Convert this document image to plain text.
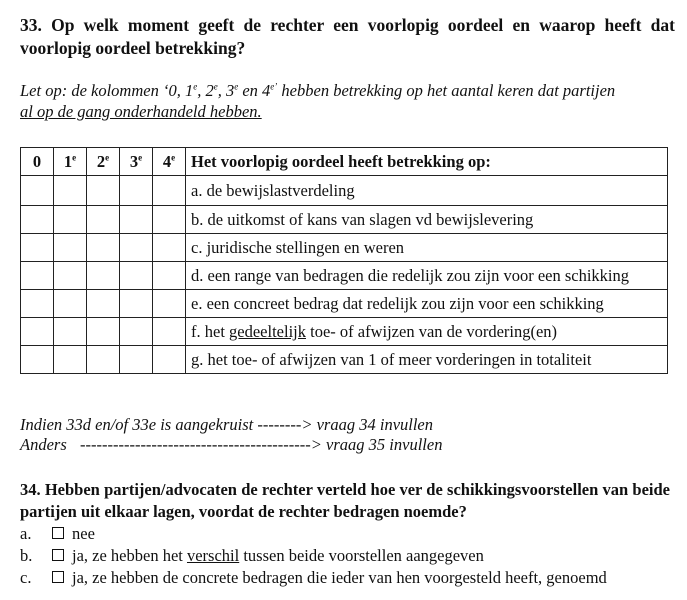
33. Op welk moment geeft de rechter een voorlopig oordeel en waarop heeft dat voorlopig oordeel betrekking?

Let op: de kolommen ‘0, 1e, 2e, 3e en $4^{e’}$ hebben betrekking op het aantal keren dat partijen
al op de gang onderhandeld hebben.

0	1e	2e	3e	4e	Het voorlopig oordeel heeft betrekking op:
					a. de bewijslastverdeling
					b. de uitkomst of kans van slagen vd bewijslevering
					c. juridische stellingen en weren
					d. een range van bedragen die redelijk zou zijn voor een schikking
					e. een concreet bedrag dat redelijk zou zijn voor een schikking
					f. het gedeeltelijk toe- of afwijzen van de vordering(en)
					g. het toe- of afwijzen van 1 of meer vorderingen in totaliteit
Indien 33d en/of 33e is aangekruist --------> vraag 34 invullen
Anders ------------------------------------------> vraag 35 invullen

34. Hebben partijen/advocaten de rechter verteld hoe ver de schikkingsvoorstellen van beide partijen uit elkaar lagen, voordat de rechter bedragen noemde?

a.	nee
b.	ja, ze hebben het verschil tussen beide voorstellen aangegeven
c.	ja, ze hebben de concrete bedragen die ieder van hen voorgesteld heeft, genoemd
